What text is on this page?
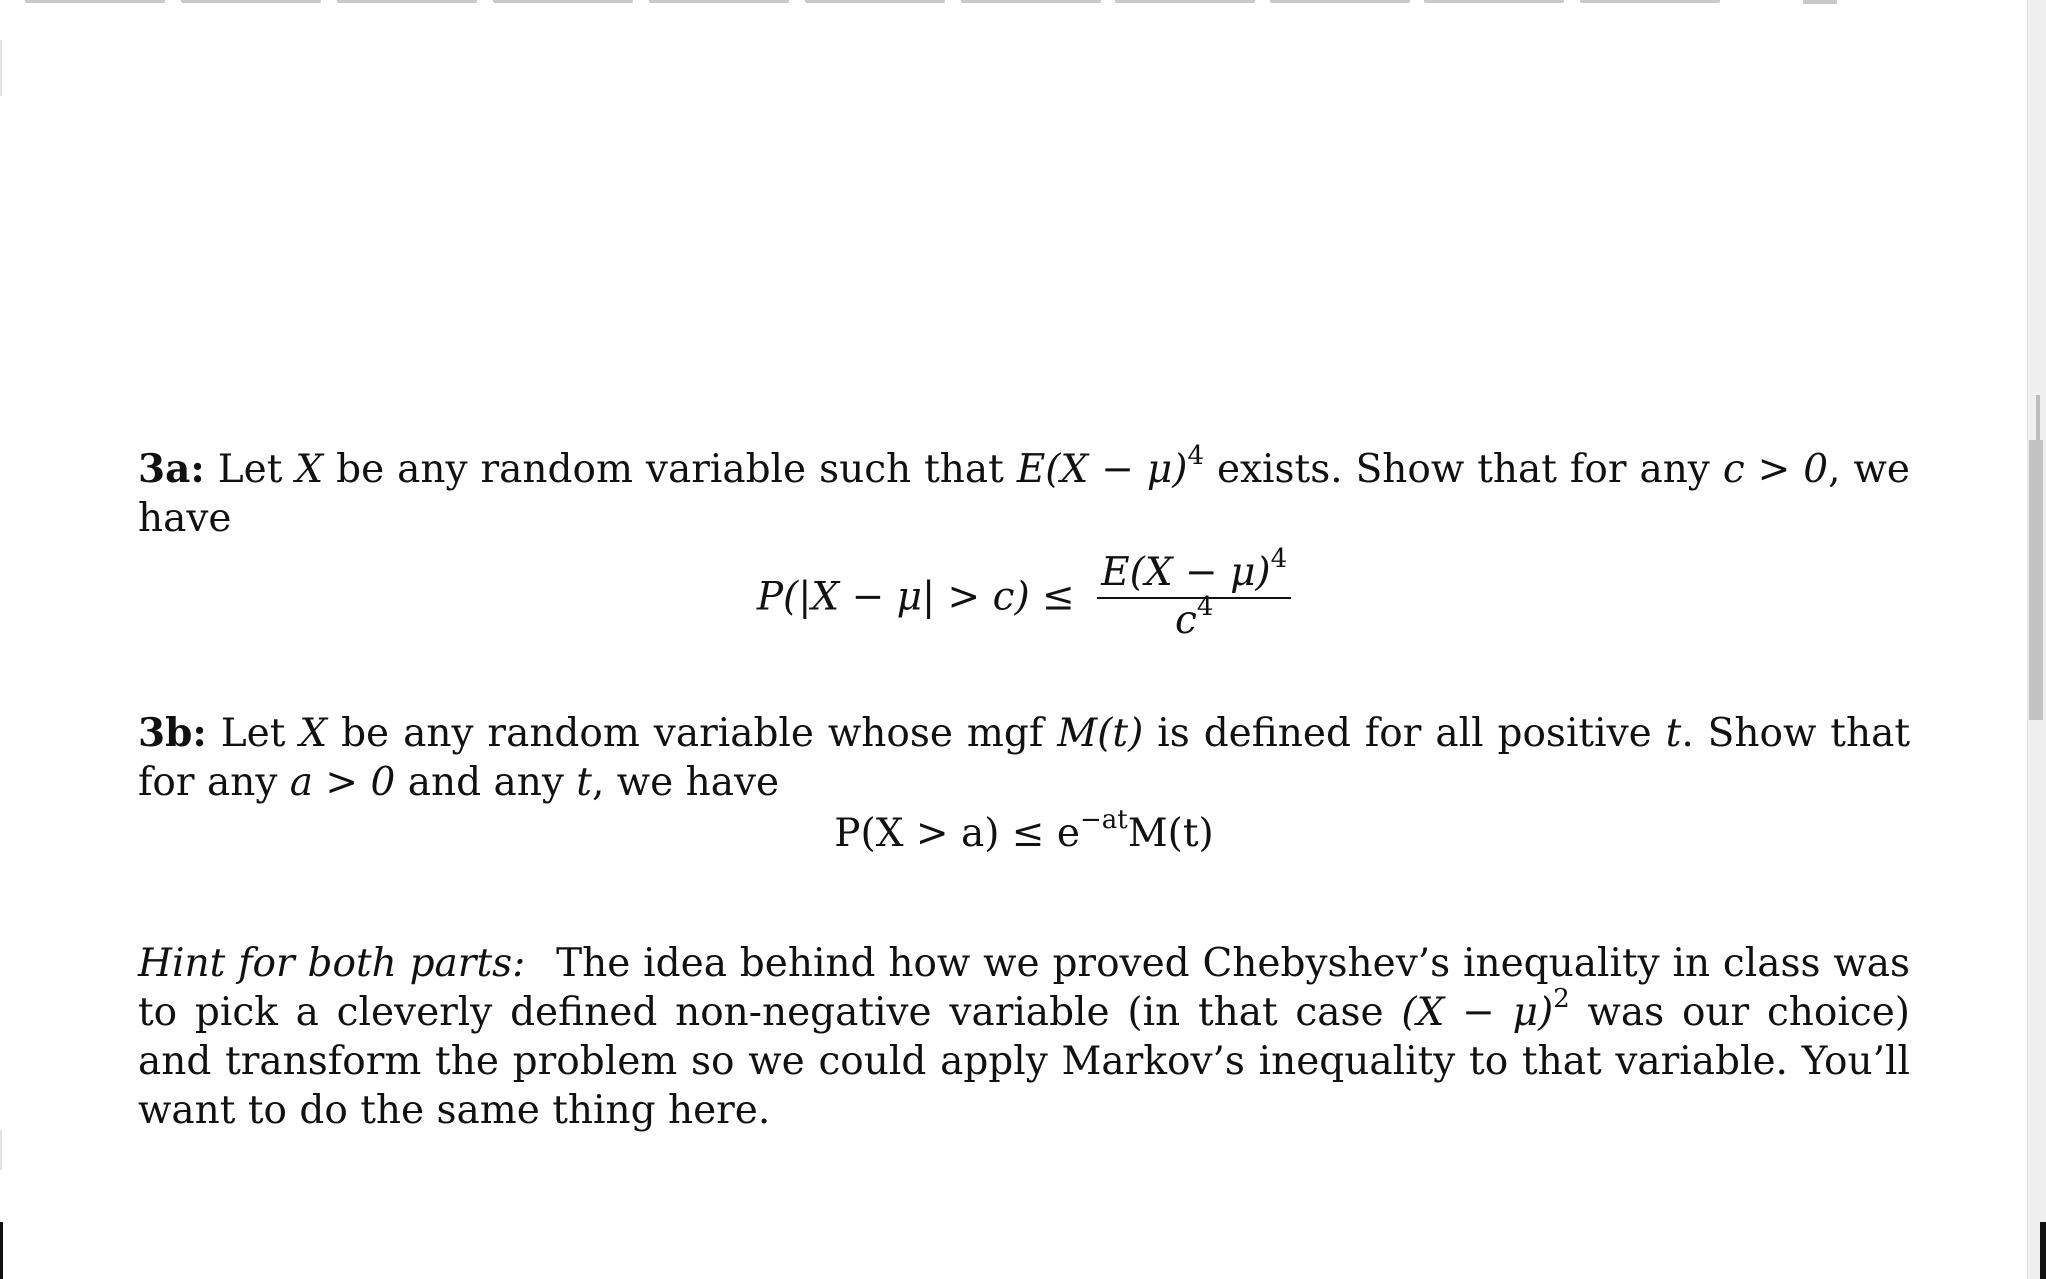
3a: Let X be any random variable such that $E(X - \mu)^4$ exists. Show that for any c > 0, we have

$P(|X - \mu| > c) \le \frac{E(X - \mu)^4}{c^4}$

3b: Let X be any random variable whose mgf M(t) is defined for all positive t. Show that for any a > 0 and any t, we have

$P(X > a) \le e^{-at}M(t)$

Hint for both parts: The idea behind how we proved Chebyshev’s inequality in class was to pick a cleverly defined non-negative variable (in that case $(X - \mu)^2$ was our choice) and transform the problem so we could apply Markov’s inequality to that variable. You’ll want to do the same thing here.
